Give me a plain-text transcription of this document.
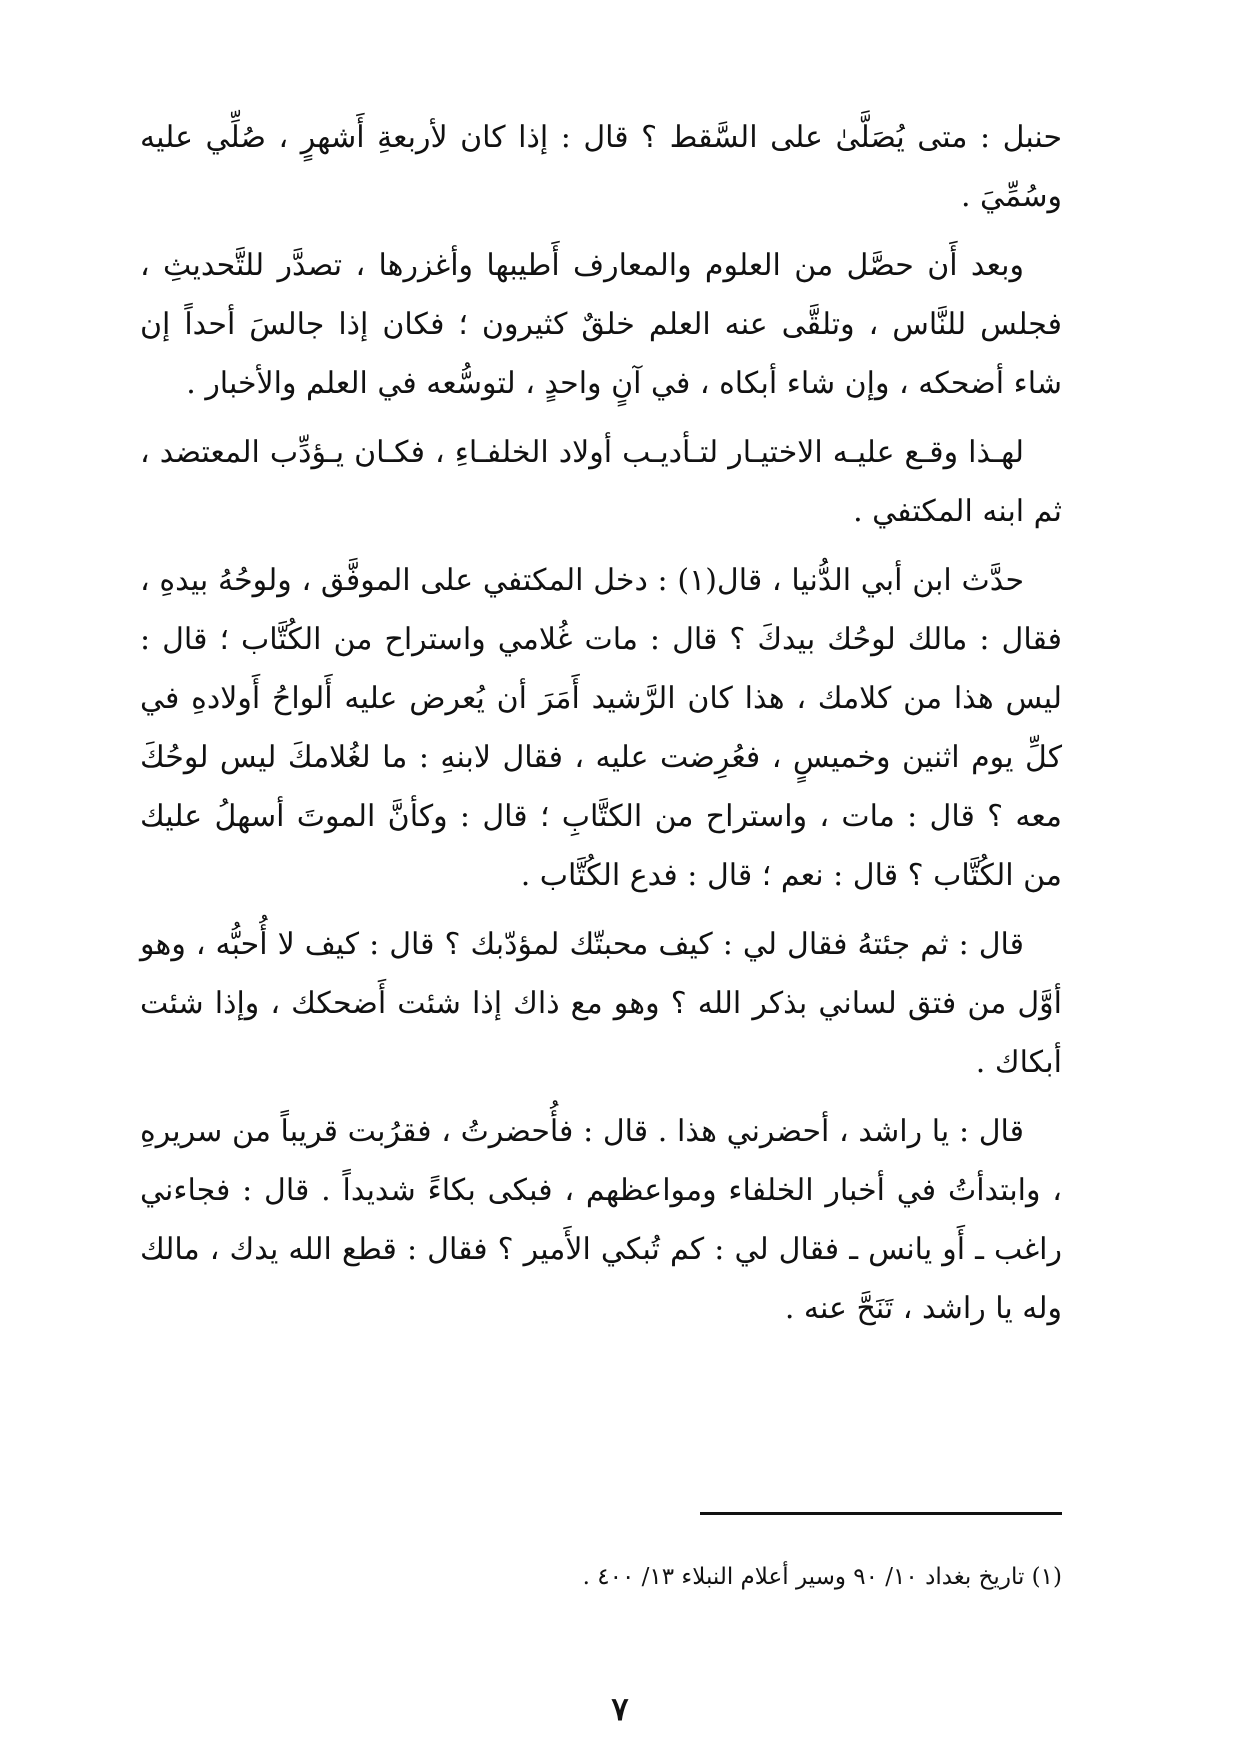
حنبل : متى يُصَلَّىٰ على السَّقط ؟ قال : إذا كان لأربعةِ أَشهرٍ ، صُلِّي عليه وسُمِّيَ .

وبعد أَن حصَّل من العلوم والمعارف أَطيبها وأغزرها ، تصدَّر للتَّحديثِ ، فجلس للنَّاس ، وتلقَّى عنه العلم خلقٌ كثيرون ؛ فكان إذا جالسَ أحداً إن شاء أضحكه ، وإن شاء أبكاه ، في آنٍ واحدٍ ، لتوسُّعه في العلم والأخبار .

لهـذا وقـع عليـه الاختيـار لتـأديـب أولاد الخلفـاءِ ، فكـان يـؤدِّب المعتضد ، ثم ابنه المكتفي .

حدَّث ابن أبي الدُّنيا ، قال(١) : دخل المكتفي على الموفَّق ، ولوحُهُ بيدهِ ، فقال : مالك لوحُك بيدكَ ؟ قال : مات غُلامي واستراح من الكُتَّاب ؛ قال : ليس هذا من كلامك ، هذا كان الرَّشيد أَمَرَ أن يُعرض عليه أَلواحُ أَولادهِ في كلِّ يوم اثنين وخميسٍ ، فعُرِضت عليه ، فقال لابنهِ : ما لغُلامكَ ليس لوحُكَ معه ؟ قال : مات ، واستراح من الكتَّابِ ؛ قال : وكأنَّ الموتَ أسهلُ عليك من الكُتَّاب ؟ قال : نعم ؛ قال : فدع الكُتَّاب .

قال : ثم جئتهُ فقال لي : كيف محبتّك لمؤدّبك ؟ قال : كيف لا أُحبُّه ، وهو أوَّل من فتق لساني بذكر الله ؟ وهو مع ذاك إذا شئت أَضحكك ، وإذا شئت أبكاك .

قال : يا راشد ، أحضرني هذا . قال : فأُحضرتُ ، فقرُبت قريباً من سريرهِ ، وابتدأتُ في أخبار الخلفاء ومواعظهم ، فبكى بكاءً شديداً . قال : فجاءني راغب ـ أَو يانس ـ فقال لي : كم تُبكي الأَمير ؟ فقال : قطع الله يدك ، مالك وله يا راشد ، تَنَحَّ عنه .

(١) تاريخ بغداد ١٠/ ٩٠ وسير أعلام النبلاء ١٣/ ٤٠٠ .
٧
